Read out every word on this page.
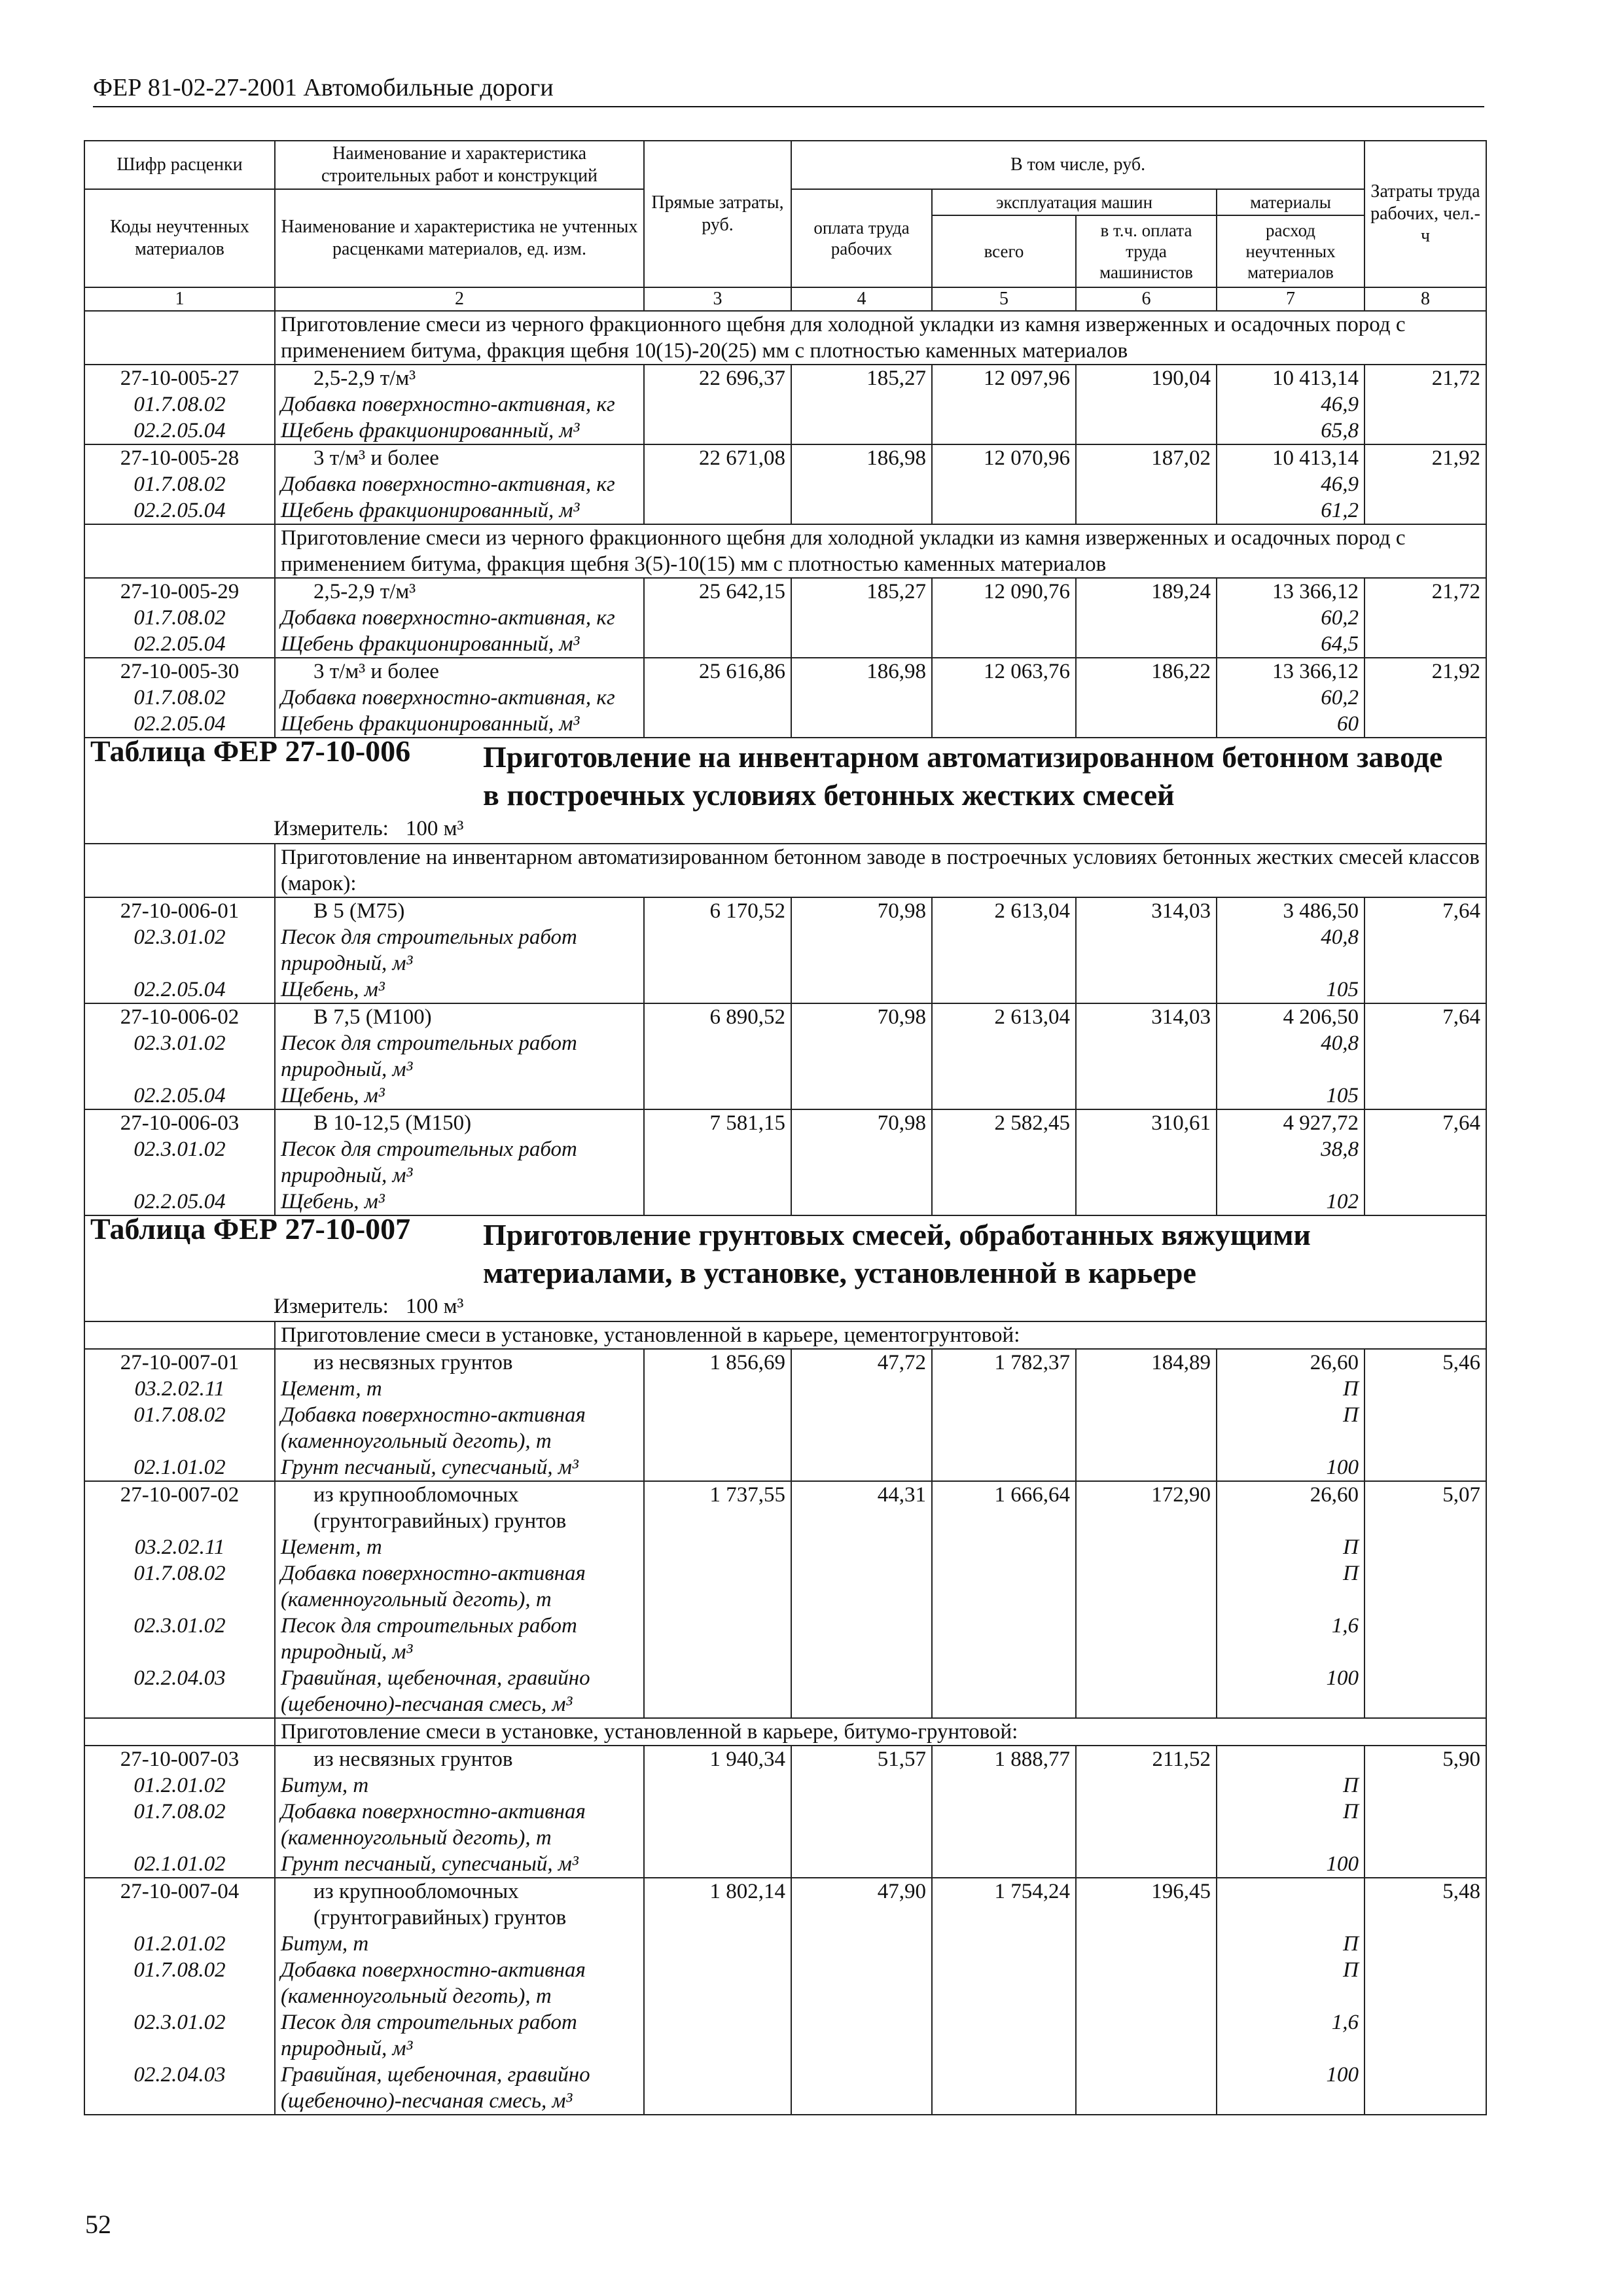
ФЕР 81-02-27-2001 Автомобильные дороги
Шифр расценки	Наименование и характеристика строительных работ и конструкций	Прямые затраты, руб.	В том числе, руб.				Затраты труда рабочих, чел.-ч
Коды неучтенных материалов	Наименование и характеристика не учтенных расценками материалов, ед. изм.		оплата труда рабочих	эксплуатация машин		материалы	
				всего	в т.ч. оплата труда машинистов	расход неучтенных материалов	
1	2	3	4	5	6	7	8
	Приготовление смеси из черного фракционного щебня для холодной укладки из камня изверженных и осадочных пород с применением битума, фракция щебня 10(15)-20(25) мм с плотностью каменных материалов						
27-10-005-27	2,5-2,9 т/м³	22 696,37	185,27	12 097,96	190,04	10 413,14	21,72
01.7.08.02	Добавка поверхностно-активная, кг					46,9	
02.2.05.04	Щебень фракционированный, м³					65,8	
27-10-005-28	3 т/м³ и более	22 671,08	186,98	12 070,96	187,02	10 413,14	21,92
01.7.08.02	Добавка поверхностно-активная, кг					46,9	
02.2.05.04	Щебень фракционированный, м³					61,2	
	Приготовление смеси из черного фракционного щебня для холодной укладки из камня изверженных и осадочных пород с применением битума, фракция щебня 3(5)-10(15) мм с плотностью каменных материалов						
27-10-005-29	2,5-2,9 т/м³	25 642,15	185,27	12 090,76	189,24	13 366,12	21,72
01.7.08.02	Добавка поверхностно-активная, кг					60,2	
02.2.05.04	Щебень фракционированный, м³					64,5	
27-10-005-30	3 т/м³ и более	25 616,86	186,98	12 063,76	186,22	13 366,12	21,92
01.7.08.02	Добавка поверхностно-активная, кг					60,2	
02.2.05.04	Щебень фракционированный, м³					60	
Таблица ФЕР 27-10-006 Приготовление на инвентарном автоматизированном бетонном заводе в построечных условиях бетонных жестких смесей
Измеритель: 100 м³							

	Приготовление на инвентарном автоматизированном бетонном заводе в построечных условиях бетонных жестких смесей классов (марок):						
27-10-006-01	В 5 (М75)	6 170,52	70,98	2 613,04	314,03	3 486,50	7,64
02.3.01.02	Песок для строительных работ природный, м³					40,8	
02.2.05.04	Щебень, м³					105	
27-10-006-02	В 7,5 (М100)	6 890,52	70,98	2 613,04	314,03	4 206,50	7,64
02.3.01.02	Песок для строительных работ природный, м³					40,8	
02.2.05.04	Щебень, м³					105	
27-10-006-03	В 10-12,5 (М150)	7 581,15	70,98	2 582,45	310,61	4 927,72	7,64
02.3.01.02	Песок для строительных работ природный, м³					38,8	
02.2.05.04	Щебень, м³					102	
Таблица ФЕР 27-10-007 Приготовление грунтовых смесей, обработанных вяжущими материалами, в установке, установленной в карьере
Измеритель: 100 м³							

	Приготовление смеси в установке, установленной в карьере, цементогрунтовой:						
27-10-007-01	из несвязных грунтов	1 856,69	47,72	1 782,37	184,89	26,60	5,46
03.2.02.11	Цемент, т					П	
01.7.08.02	Добавка поверхностно-активная (каменноугольный деготь), т					П	
02.1.01.02	Грунт песчаный, супесчаный, м³					100	
27-10-007-02	из крупнообломочных (грунтогравийных) грунтов	1 737,55	44,31	1 666,64	172,90	26,60	5,07
03.2.02.11	Цемент, т					П	
01.7.08.02	Добавка поверхностно-активная (каменноугольный деготь), т					П	
02.3.01.02	Песок для строительных работ природный, м³					1,6	
02.2.04.03	Гравийная, щебеночная, гравийно (щебеночно)-песчаная смесь, м³					100	
	Приготовление смеси в установке, установленной в карьере, битумо-грунтовой:						
27-10-007-03	из несвязных грунтов	1 940,34	51,57	1 888,77	211,52		5,90
01.2.01.02	Битум, т					П	
01.7.08.02	Добавка поверхностно-активная (каменноугольный деготь), т					П	
02.1.01.02	Грунт песчаный, супесчаный, м³					100	
27-10-007-04	из крупнообломочных (грунтогравийных) грунтов	1 802,14	47,90	1 754,24	196,45		5,48
01.2.01.02	Битум, т					П	
01.7.08.02	Добавка поверхностно-активная (каменноугольный деготь), т					П	
02.3.01.02	Песок для строительных работ природный, м³					1,6	
02.2.04.03	Гравийная, щебеночная, гравийно (щебеночно)-песчаная смесь, м³					100	
52
